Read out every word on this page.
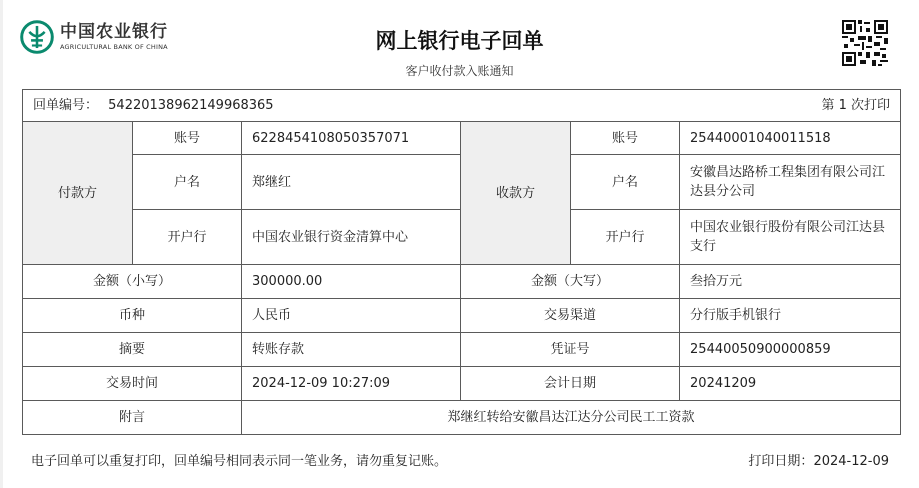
中国农业银行
AGRICULTURAL BANK OF CHINA	网上银行电子回单
客户收付款入账通知
回单编号： 54220138962149968365			第 1 次打印		
付款方	账号	6228454108050357071	收款方	账号	25440001040011518
	户名	郑继红		户名	安徽昌达路桥工程集团有限公司江达县分公司
	开户行	中国农业银行资金清算中心		开户行	中国农业银行股份有限公司江达县支行
金额（小写）		300000.00	金额（大写）		叁拾万元
币种		人民币	交易渠道		分行版手机银行
摘要		转账存款	凭证号		25440050900000859
交易时间		2024-12-09 10:27:09	会计日期		20241209
附言		郑继红转给安徽昌达江达分公司民工工资款			
电子回单可以重复打印，回单编号相同表示同一笔业务，请勿重复记账。	打印日期：2024-12-09
